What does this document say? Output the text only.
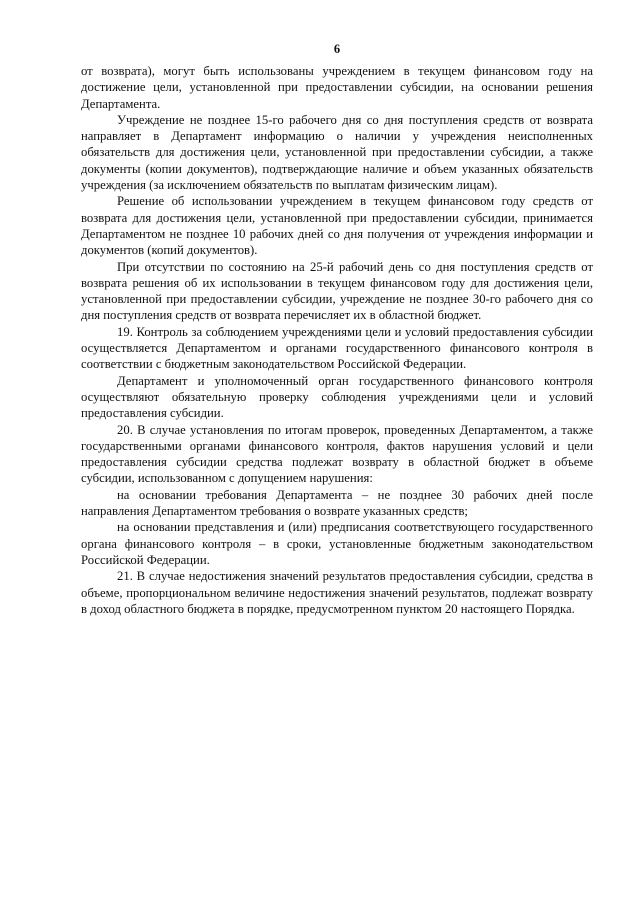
6

от возврата), могут быть использованы учреждением в текущем финансовом году на достижение цели, установленной при предоставлении субсидии, на основании решения Департамента.

Учреждение не позднее 15-го рабочего дня со дня поступления средств от возврата направляет в Департамент информацию о наличии у учреждения неисполненных обязательств для достижения цели, установленной при предоставлении субсидии, а также документы (копии документов), подтверждающие наличие и объем указанных обязательств учреждения (за исключением обязательств по выплатам физическим лицам).

Решение об использовании учреждением в текущем финансовом году средств от возврата для достижения цели, установленной при предоставлении субсидии, принимается Департаментом не позднее 10 рабочих дней со дня получения от учреждения информации и документов (копий документов).

При отсутствии по состоянию на 25-й рабочий день со дня поступления средств от возврата решения об их использовании в текущем финансовом году для достижения цели, установленной при предоставлении субсидии, учреждение не позднее 30-го рабочего дня со дня поступления средств от возврата перечисляет их в областной бюджет.

19. Контроль за соблюдением учреждениями цели и условий предоставления субсидии осуществляется Департаментом и органами государственного финансового контроля в соответствии с бюджетным законодательством Российской Федерации.

Департамент и уполномоченный орган государственного финансового контроля осуществляют обязательную проверку соблюдения учреждениями цели и условий предоставления субсидии.

20. В случае установления по итогам проверок, проведенных Департаментом, а также государственными органами финансового контроля, фактов нарушения условий и цели предоставления субсидии средства подлежат возврату в областной бюджет в объеме субсидии, использованном с допущением нарушения:

на основании требования Департамента – не позднее 30 рабочих дней после направления Департаментом требования о возврате указанных средств;

на основании представления и (или) предписания соответствующего государственного органа финансового контроля – в сроки, установленные бюджетным законодательством Российской Федерации.

21. В случае недостижения значений результатов предоставления субсидии, средства в объеме, пропорциональном величине недостижения значений результатов, подлежат возврату в доход областного бюджета в порядке, предусмотренном пунктом 20 настоящего Порядка.
